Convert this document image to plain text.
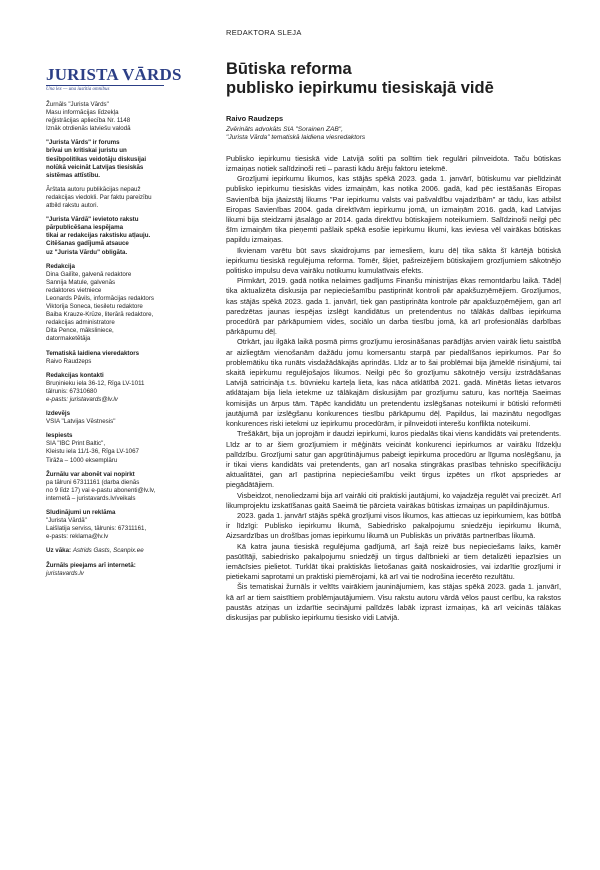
REDAKTORA SLEJA
JURISTA VĀRDS
Una lex — una iustitia omnibus
Žurnāls "Jurista Vārds"
Masu informācijas līdzekļa
reģistrācijas apliecība Nr. 1148
Iznāk otrdienās latviešu valodā
"Jurista Vārds" ir forums
brīvai un kritiskai juristu un
tiesībpolitikas veidotāju diskusijai
nolūkā veicināt Latvijas tiesiskās
sistēmas attīstību.
Ārštata autoru publikācijas nepauž
redakcijas viedokli. Par faktu pareizību
atbild rakstu autori.
"Jurista Vārdā" ievietoto rakstu
pārpublicēšana iespējama
tikai ar redakcijas rakstisku atļauju.
Citēšanas gadījumā atsauce
uz "Jurista Vārdu" obligāta.
Redakcija
Dina Gailīte, galvenā redaktore
Sannija Matule, galvenās
redaktores vietniece
Leonards Pāvils, informācijas redaktors
Viktorija Soneca, tiesiletu redaktore
Baiba Krauze-Krūze, literārā redaktore,
redakcijas administratore
Dita Pence, mākslinieсe,
datormaketētāja
Tematiskā laidiena vieredaktors
Raivo Raudzeps
Redakcijas kontakti
Bruņinieku iela 36-12, Rīga LV-1011
tālrunis: 67310680
e-pasts: juristavards@lv.lv
Izdevējs
VSIA "Latvijas Vēstnesis"
Iespiests
SIA "IBC Print Baltic",
Kleistu iela 11/1-36, Rīga LV-1067
Tirāža – 1000 eksemplāru
Žurnālu var abonēt vai nopirkt
pa tālruni 67311161 (darba dienās
no 9 līdz 17) vai e-pastu abonenti@lv.lv,
internetā – juristavards.lv/veikals
Sludinājumi un reklāma
"Jurista Vārdā"
Laišlatija serviss, tālrunis: 67311161,
e-pasts: reklama@lv.lv
Uz vāka: Astrids Gasts, Scanpix.ee
Žurnāls pieejams arī internetā:
juristavards.lv
Būtiska reforma
publisko iepirkumu tiesiskajā vidē
Raivo Raudzeps
Zvērināts advokāts SIA "Sorainen ZAB",
"Jurista Vārda" tematiskā laidiena viesredaktors

Publisko iepirkumu tiesiskā vide Latvijā soliti pa solītim tiek regulāri pilnveidota. Taču būtiskas izmaiņas notiek salīdzinoši reti – parasti kādu ārēju faktoru ietekmē.

Grozījumi iepirkumu likumos, kas stājās spēkā 2023. gada 1. janvārī, būtiskumu var pielīdzināt publisko iepirkumu tiesiskās vides izmaiņām, kas notika 2006. gadā, kad pēc iestāšanās Eiropas Savienībā bija jāaizstāj likums "Par iepirkumu valsts vai pašvaldību vajadzībām" ar tādu, kas atbilst Eiropas Savienības 2004. gada direktīvām iepirkumu jomā, un izmaiņām 2016. gadā, kad Latvijas likumi bija steidzami jāsalāgo ar 2014. gada direktīvu būtiskajiem noteikumiem. Salīdzinoši neilgi pēc šīm izmaiņām tika pieņemti pašlaik spēkā esošie iepirkumu likumi, kas ieviesa vēl vairākas būtiskas papildu izmaiņas.

Ikvienam varētu būt savs skaidrojums par iemesliem, kuru dēļ tika sākta šī kārtējā būtiskā iepirkumu tiesiskā regulējuma reforma. Tomēr, šķiet, pašreizējiem būtiskajiem grozījumiem sākotnējo politisko impulsu deva vairāku notikumu kumulatīvais efekts.

Pirmkārt, 2019. gadā notika nelaimes gadījums Finanšu ministrijas ēkas remontdarbu laikā. Tādēļ tika aktualizēta diskusija par nepieciešamību pastiprināt kontroli pār apakšuzņēmējiem. Grozījumos, kas stājās spēkā 2023. gada 1. janvārī, tiek gan pastiprināta kontrole pār apakšuzņēmējiem, gan arī paredzētas jaunas iespējas izslēgt kandidātus un pretendentus no tālākās dalības iepirkuma procedūrā par pārkāpumiem vides, sociālo un darba tiesību jomā, kā arī profesionālās darbības pārkāpumu dēļ.

Otrkārt, jau ilgākā laikā posmā pirms grozījumu ierosināšanas parādījās arvien vairāk lietu saistībā ar aizliegtām vienošanām dažādu jomu komersantu starpā par piedalīšanos iepirkumos. Par šo problemātiku tika runāts visdažādākajās aprindās. Līdz ar to šai problēmai bija jāmeklē risinājumi, tai skaitā iepirkumu regulējošajos likumos. Neilgi pēc šo grozījumu sākotnējo versiju izstrādāšanas Latvijā satricināja t.s. būvnieku karteļa lieta, kas nāca atklātībā 2021. gadā. Minētās lietas ietvaros atklātajam bija liela ietekme uz tālākajām diskusijām par grozījumu saturu, kas norītēja Saeimas komisijās un ārpus tām. Tāpēc kandidātu un pretendentu izslēgšanas noteikumi ir būtiski reformēti jautājumā par izslēgšanu konkurences tiesību pārkāpumu dēļ. Papildus, lai mazinātu negodīgas konkurences riski ietekmi uz iepirkumu procedūrām, ir pilnveidoti interešu konflikta noteikumi.

Trešākārt, bija un joprojām ir daudzi iepirkumi, kuros piedalās tikai viens kandidāts vai pretendents. Līdz ar to ar šiem grozījumiem ir mēģināts veicināt konkurenci iepirkumos ar vairāku līdzekļu palīdzību. Grozījumi satur gan apgrūtinājumus pabeigt iepirkuma procedūru ar līguma noslēgšanu, ja ir tikai viens kandidāts vai pretendents, gan arī nosaka stingrākas prasības tehnisko specifikāciju aktualitātei, gan arī pastiprina nepieciešamību veikt tirgus izpētes un rīkot apspriedes ar piegādātājiem.

Visbeidzot, nenoliedzami bija arī vairāki citi praktiski jautājumi, ko vajadzēja regulēt vai precizēt. Arī likumprojektu izskatīšanas gaitā Saeimā tie pārcieta vairākas būtiskas izmaiņas un papildinājumus.

2023. gada 1. janvārī stājās spēkā grozījumi visos likumos, kas attiecas uz iepirkumiem, kas būtībā ir līdzīgi: Publisko iepirkumu likumā, Sabiedrisko pakalpojumu sniedzēju iepirkumu likumā, Aizsardzības un drošības jomas iepirkumu likumā un Publiskās un privātās partnerības likumā.

Kā katra jauna tiesiskā regulējuma gadījumā, arī šajā reizē bus nepieciešams laiks, kamēr pasūtītāji, sabiedrisko pakalpojumu sniedzēji un tirgus dalībnieki ar tiem detalizēti iepazīsies un iemācīsies pielietot. Turklāt tikai praktiskās lietošanas gaitā noskaidrosies, vai izdarītie grozījumi ir pietiekami saprotami un praktiski piemērojami, kā arī vai tie nodrošina iecerēto rezultātu.

Šis tematiskai žurnāls ir veltīts vairākiem jauninājumiem, kas stājas spēkā 2023. gada 1. janvārī, kā arī ar tiem saistītiem problēmjautājumiem. Visu rakstu autoru vārdā vēlos paust cerību, ka rakstos paustās atziņas un izdarītie secinājumi palīdzēs labāk izprast izmaiņas, kā arī veicinās tālākas diskusijas par publisko iepirkumu tiesisko vidi Latvijā.
